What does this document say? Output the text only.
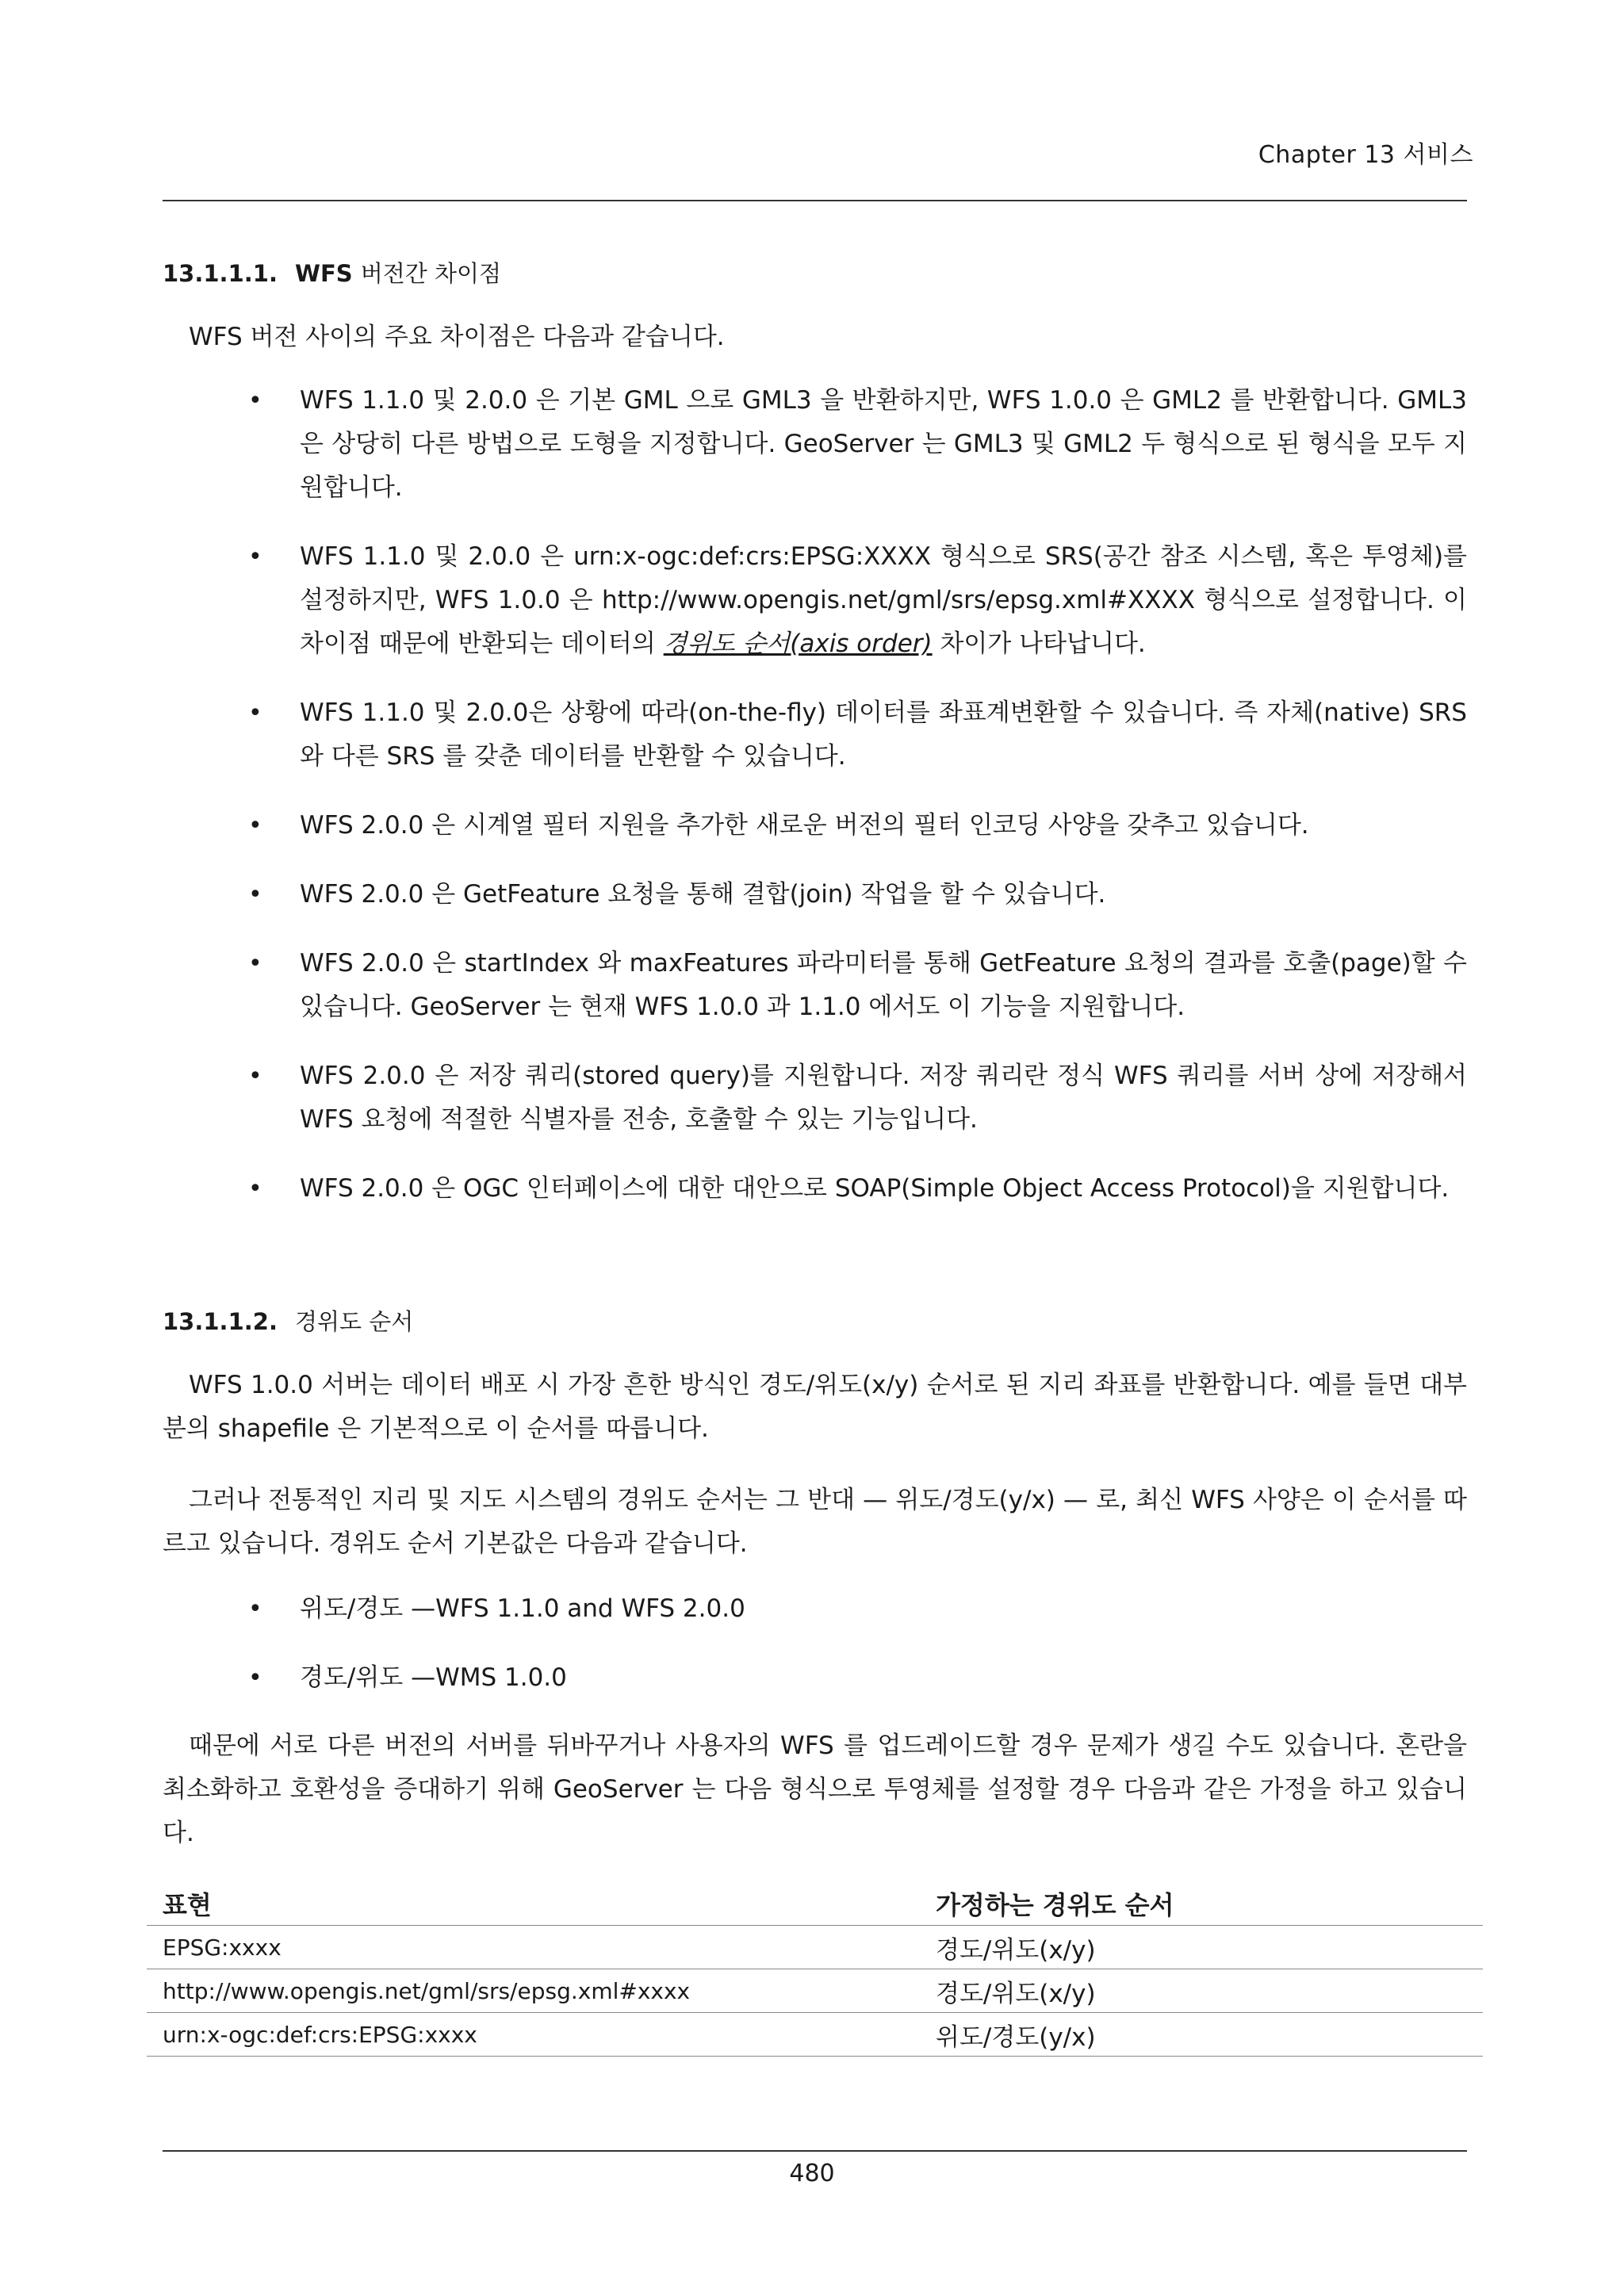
Chapter 13 서비스
13.1.1.1. WFS 버전간 차이점
WFS 버전 사이의 주요 차이점은 다음과 같습니다.
• WFS 1.1.0 및 2.0.0 은 기본 GML 으로 GML3 을 반환하지만, WFS 1.0.0 은 GML2 를 반환합니다. GML3 은 상당히 다른 방법으로 도형을 지정합니다. GeoServer 는 GML3 및 GML2 두 형식으로 된 형식을 모두 지원합니다.
• WFS 1.1.0 및 2.0.0 은 urn:x-ogc:def:crs:EPSG:XXXX 형식으로 SRS(공간 참조 시스템, 혹은 투영체)를 설정하지만, WFS 1.0.0 은 http://www.opengis.net/gml/srs/epsg.xml#XXXX 형식으로 설정합니다. 이 차이점 때문에 반환되는 데이터의 경위도 순서(axis order) 차이가 나타납니다.
• WFS 1.1.0 및 2.0.0은 상황에 따라(on-the-fly) 데이터를 좌표계변환할 수 있습니다. 즉 자체(native) SRS 와 다른 SRS 를 갖춘 데이터를 반환할 수 있습니다.
• WFS 2.0.0 은 시계열 필터 지원을 추가한 새로운 버전의 필터 인코딩 사양을 갖추고 있습니다.
• WFS 2.0.0 은 GetFeature 요청을 통해 결합(join) 작업을 할 수 있습니다.
• WFS 2.0.0 은 startIndex 와 maxFeatures 파라미터를 통해 GetFeature 요청의 결과를 호출(page)할 수 있습니다. GeoServer 는 현재 WFS 1.0.0 과 1.1.0 에서도 이 기능을 지원합니다.
• WFS 2.0.0 은 저장 쿼리(stored query)를 지원합니다. 저장 쿼리란 정식 WFS 쿼리를 서버 상에 저장해서 WFS 요청에 적절한 식별자를 전송, 호출할 수 있는 기능입니다.
• WFS 2.0.0 은 OGC 인터페이스에 대한 대안으로 SOAP(Simple Object Access Protocol)을 지원합니다.
13.1.1.2. 경위도 순서
WFS 1.0.0 서버는 데이터 배포 시 가장 흔한 방식인 경도/위도(x/y) 순서로 된 지리 좌표를 반환합니다. 예를 들면 대부분의 shapefile 은 기본적으로 이 순서를 따릅니다.
그러나 전통적인 지리 및 지도 시스템의 경위도 순서는 그 반대 — 위도/경도(y/x) — 로, 최신 WFS 사양은 이 순서를 따르고 있습니다. 경위도 순서 기본값은 다음과 같습니다.
• 위도/경도 —WFS 1.1.0 and WFS 2.0.0
• 경도/위도 —WMS 1.0.0
때문에 서로 다른 버전의 서버를 뒤바꾸거나 사용자의 WFS 를 업드레이드할 경우 문제가 생길 수도 있습니다. 혼란을 최소화하고 호환성을 증대하기 위해 GeoServer 는 다음 형식으로 투영체를 설정할 경우 다음과 같은 가정을 하고 있습니다.
표현	가정하는 경위도 순서
EPSG:xxxx	경도/위도(x/y)
http://www.opengis.net/gml/srs/epsg.xml#xxxx	경도/위도(x/y)
urn:x-ogc:def:crs:EPSG:xxxx	위도/경도(y/x)
480
